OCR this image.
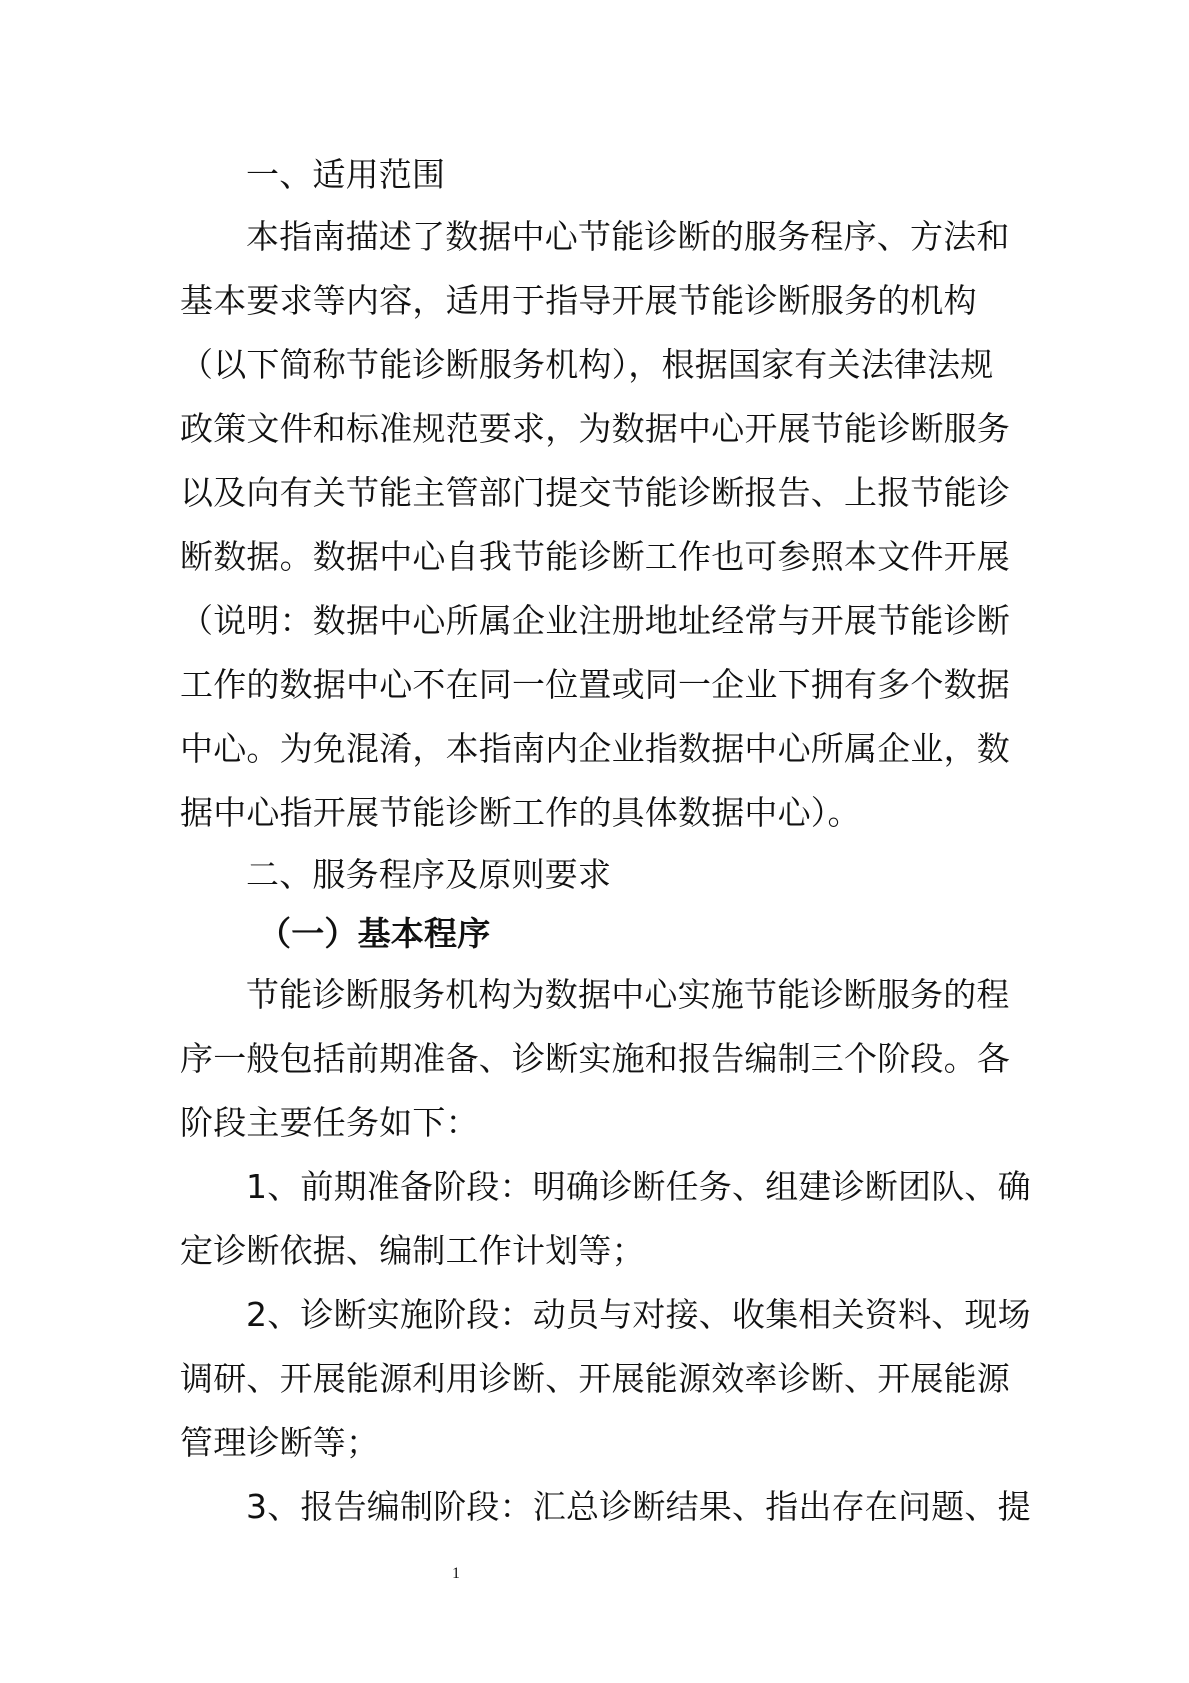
一、适用范围
本指南描述了数据中心节能诊断的服务程序、方法和
基本要求等内容，适用于指导开展节能诊断服务的机构
（以下简称节能诊断服务机构），根据国家有关法律法规
政策文件和标准规范要求，为数据中心开展节能诊断服务
以及向有关节能主管部门提交节能诊断报告、上报节能诊
断数据。数据中心自我节能诊断工作也可参照本文件开展
（说明：数据中心所属企业注册地址经常与开展节能诊断
工作的数据中心不在同一位置或同一企业下拥有多个数据
中心。为免混淆，本指南内企业指数据中心所属企业，数
据中心指开展节能诊断工作的具体数据中心）。
二、服务程序及原则要求
（一）基本程序
节能诊断服务机构为数据中心实施节能诊断服务的程
序一般包括前期准备、诊断实施和报告编制三个阶段。各
阶段主要任务如下：
1、前期准备阶段：明确诊断任务、组建诊断团队、确
定诊断依据、编制工作计划等；
2、诊断实施阶段：动员与对接、收集相关资料、现场
调研、开展能源利用诊断、开展能源效率诊断、开展能源
管理诊断等；
3、报告编制阶段：汇总诊断结果、指出存在问题、提
1
